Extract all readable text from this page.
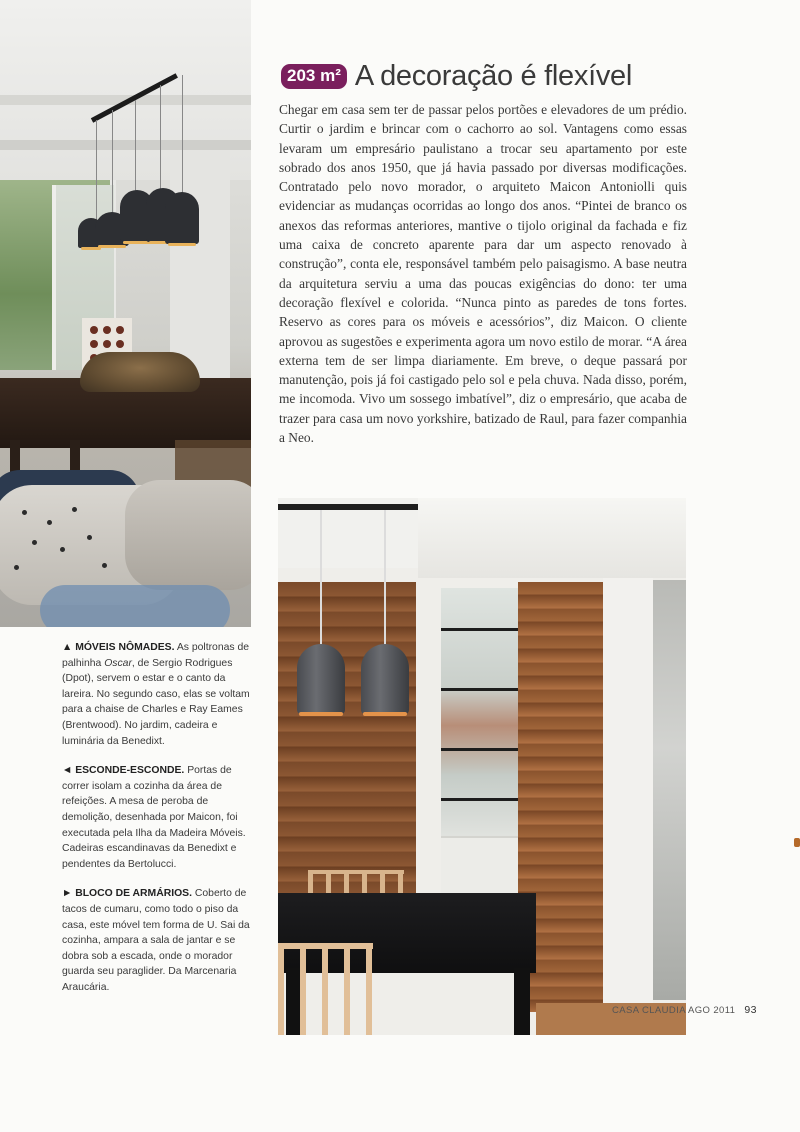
203 m² A decoração é flexível

Chegar em casa sem ter de passar pelos portões e elevadores de um prédio. Curtir o jardim e brincar com o cachorro ao sol. Vantagens como essas levaram um empresário paulistano a trocar seu apartamento por este sobrado dos anos 1950, que já havia passado por diversas modificações. Contratado pelo novo morador, o arquiteto Maicon Antoniolli quis evidenciar as mudanças ocorridas ao longo dos anos. “Pintei de branco os anexos das reformas anteriores, mantive o tijolo original da fachada e fiz uma caixa de concreto aparente para dar um aspecto renovado à construção”, conta ele, responsável também pelo paisagismo. A base neutra da arquitetura serviu a uma das poucas exigências do dono: ter uma decoração flexível e colorida. “Nunca pinto as paredes de tons fortes. Reservo as cores para os móveis e acessórios”, diz Maicon. O cliente aprovou as sugestões e experimenta agora um novo estilo de morar. “A área externa tem de ser limpa diariamente. Em breve, o deque passará por manutenção, pois já foi castigado pelo sol e pela chuva. Nada disso, porém, me incomoda. Vivo um sossego imbatível”, diz o empresário, que acaba de trazer para casa um novo yorkshire, batizado de Raul, para fazer companhia a Neo.

▲ MÓVEIS NÔMADES. As poltronas de palhinha Oscar, de Sergio Rodrigues (Dpot), servem o estar e o canto da lareira. No segundo caso, elas se voltam para a chaise de Charles e Ray Eames (Brentwood). No jardim, cadeira e luminária da Benedixt.

◄ ESCONDE-ESCONDE. Portas de correr isolam a cozinha da área de refeições. A mesa de peroba de demolição, desenhada por Maicon, foi executada pela Ilha da Madeira Móveis. Cadeiras escandinavas da Benedixt e pendentes da Bertolucci.

► BLOCO DE ARMÁRIOS. Coberto de tacos de cumaru, como todo o piso da casa, este móvel tem forma de U. Sai da cozinha, ampara a sala de jantar e se dobra sob a escada, onde o morador guarda seu paraglider. Da Marcenaria Araucária.

CASA CLAUDIA AGO 2011 93
